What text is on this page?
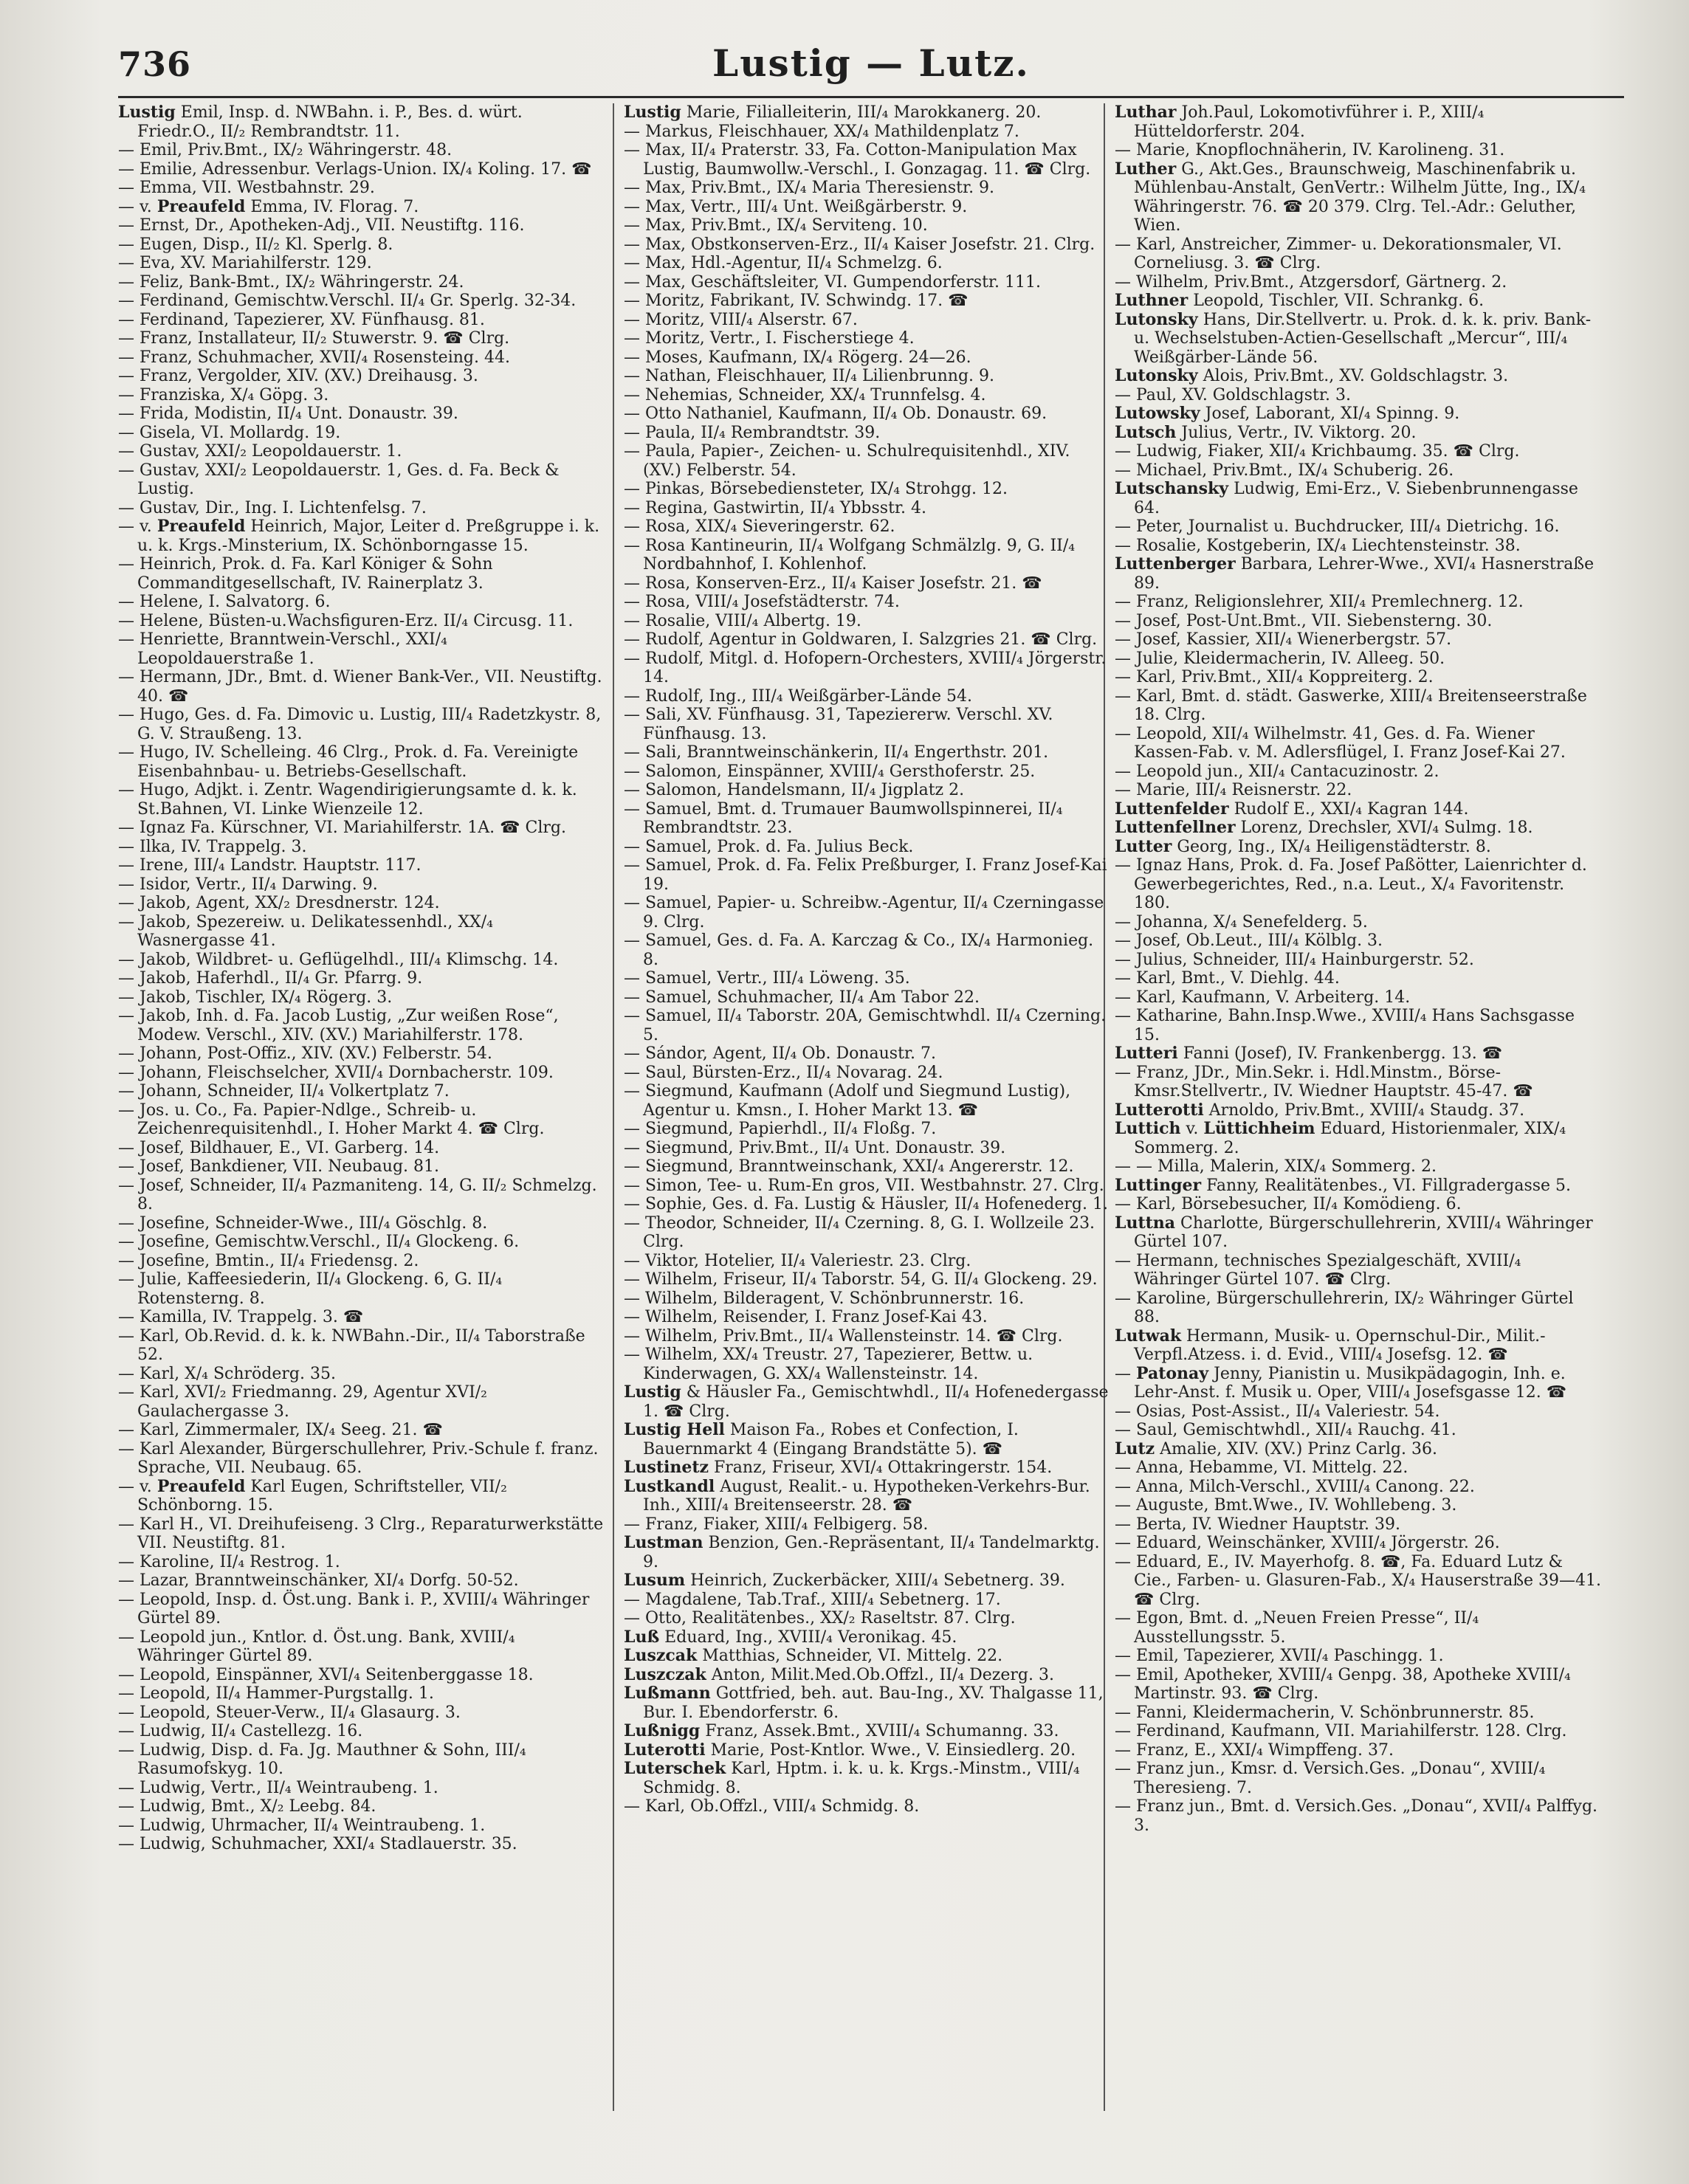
736	Lustig — Lutz.

Lustig Emil, Insp. d. NWBahn. i. P., Bes. d. würt. Friedr.O., II/₂ Rembrandtstr. 11.

— Emil, Priv.Bmt., IX/₂ Währingerstr. 48.

— Emilie, Adressenbur. Verlags-Union. IX/₄ Koling. 17. ☎

— Emma, VII. Westbahnstr. 29.

— v. Preaufeld Emma, IV. Florag. 7.

— Ernst, Dr., Apotheken-Adj., VII. Neustiftg. 116.

— Eugen, Disp., II/₂ Kl. Sperlg. 8.

— Eva, XV. Mariahilferstr. 129.

— Feliz, Bank-Bmt., IX/₂ Währingerstr. 24.

— Ferdinand, Gemischtw.Verschl. II/₄ Gr. Sperlg. 32-34.

— Ferdinand, Tapezierer, XV. Fünfhausg. 81.

— Franz, Installateur, II/₂ Stuwerstr. 9. ☎ Clrg.

— Franz, Schuhmacher, XVII/₄ Rosensteing. 44.

— Franz, Vergolder, XIV. (XV.) Dreihausg. 3.

— Franziska, X/₄ Göpg. 3.

— Frida, Modistin, II/₄ Unt. Donaustr. 39.

— Gisela, VI. Mollardg. 19.

— Gustav, XXI/₂ Leopoldauerstr. 1.

— Gustav, XXI/₂ Leopoldauerstr. 1, Ges. d. Fa. Beck & Lustig.

— Gustav, Dir., Ing. I. Lichtenfelsg. 7.

— v. Preaufeld Heinrich, Major, Leiter d. Preßgruppe i. k. u. k. Krgs.-Minsterium, IX. Schönborngasse 15.

— Heinrich, Prok. d. Fa. Karl Königer & Sohn Commanditgesellschaft, IV. Rainerplatz 3.

— Helene, I. Salvatorg. 6.

— Helene, Büsten-u.Wachsfiguren-Erz. II/₄ Circusg. 11.

— Henriette, Branntwein-Verschl., XXI/₄ Leopoldauerstraße 1.

— Hermann, JDr., Bmt. d. Wiener Bank-Ver., VII. Neustiftg. 40. ☎

— Hugo, Ges. d. Fa. Dimovic u. Lustig, III/₄ Radetzkystr. 8, G. V. Straußeng. 13.

— Hugo, IV. Schelleing. 46 Clrg., Prok. d. Fa. Vereinigte Eisenbahnbau- u. Betriebs-Gesellschaft.

— Hugo, Adjkt. i. Zentr. Wagendirigierungsamte d. k. k. St.Bahnen, VI. Linke Wienzeile 12.

— Ignaz Fa. Kürschner, VI. Mariahilferstr. 1A. ☎ Clrg.

— Ilka, IV. Trappelg. 3.

— Irene, III/₄ Landstr. Hauptstr. 117.

— Isidor, Vertr., II/₄ Darwing. 9.

— Jakob, Agent, XX/₂ Dresdnerstr. 124.

— Jakob, Spezereiw. u. Delikatessenhdl., XX/₄ Wasnergasse 41.

— Jakob, Wildbret- u. Geflügelhdl., III/₄ Klimschg. 14.

— Jakob, Haferhdl., II/₄ Gr. Pfarrg. 9.

— Jakob, Tischler, IX/₄ Rögerg. 3.

— Jakob, Inh. d. Fa. Jacob Lustig, „Zur weißen Rose“, Modew. Verschl., XIV. (XV.) Mariahilferstr. 178.

— Johann, Post-Offiz., XIV. (XV.) Felberstr. 54.

— Johann, Fleischselcher, XVII/₄ Dornbacherstr. 109.

— Johann, Schneider, II/₄ Volkertplatz 7.

— Jos. u. Co., Fa. Papier-Ndlge., Schreib- u. Zeichenrequisitenhdl., I. Hoher Markt 4. ☎ Clrg.

— Josef, Bildhauer, E., VI. Garberg. 14.

— Josef, Bankdiener, VII. Neubaug. 81.

— Josef, Schneider, II/₄ Pazmaniteng. 14, G. II/₂ Schmelzg. 8.

— Josefine, Schneider-Wwe., III/₄ Göschlg. 8.

— Josefine, Gemischtw.Verschl., II/₄ Glockeng. 6.

— Josefine, Bmtin., II/₄ Friedensg. 2.

— Julie, Kaffeesiederin, II/₄ Glockeng. 6, G. II/₄ Rotensterng. 8.

— Kamilla, IV. Trappelg. 3. ☎

— Karl, Ob.Revid. d. k. k. NWBahn.-Dir., II/₄ Taborstraße 52.

— Karl, X/₄ Schröderg. 35.

— Karl, XVI/₂ Friedmanng. 29, Agentur XVI/₂ Gaulachergasse 3.

— Karl, Zimmermaler, IX/₄ Seeg. 21. ☎

— Karl Alexander, Bürgerschullehrer, Priv.-Schule f. franz. Sprache, VII. Neubaug. 65.

— v. Preaufeld Karl Eugen, Schriftsteller, VII/₂ Schönborng. 15.

— Karl H., VI. Dreihufeiseng. 3 Clrg., Reparaturwerkstätte VII. Neustiftg. 81.

— Karoline, II/₄ Restrog. 1.

— Lazar, Branntweinschänker, XI/₄ Dorfg. 50-52.

— Leopold, Insp. d. Öst.ung. Bank i. P., XVIII/₄ Währinger Gürtel 89.

— Leopold jun., Kntlor. d. Öst.ung. Bank, XVIII/₄ Währinger Gürtel 89.

— Leopold, Einspänner, XVI/₄ Seitenberggasse 18.

— Leopold, II/₄ Hammer-Purgstallg. 1.

— Leopold, Steuer-Verw., II/₄ Glasaurg. 3.

— Ludwig, II/₄ Castellezg. 16.

— Ludwig, Disp. d. Fa. Jg. Mauthner & Sohn, III/₄ Rasumofskyg. 10.

— Ludwig, Vertr., II/₄ Weintraubeng. 1.

— Ludwig, Bmt., X/₂ Leebg. 84.

— Ludwig, Uhrmacher, II/₄ Weintraubeng. 1.

— Ludwig, Schuhmacher, XXI/₄ Stadlauerstr. 35.

Lustig Marie, Filialleiterin, III/₄ Marokkanerg. 20.

— Markus, Fleischhauer, XX/₄ Mathildenplatz 7.

— Max, II/₄ Praterstr. 33, Fa. Cotton-Manipulation Max Lustig, Baumwollw.-Verschl., I. Gonzagag. 11. ☎ Clrg.

— Max, Priv.Bmt., IX/₄ Maria Theresienstr. 9.

— Max, Vertr., III/₄ Unt. Weißgärberstr. 9.

— Max, Priv.Bmt., IX/₄ Serviteng. 10.

— Max, Obstkonserven-Erz., II/₄ Kaiser Josefstr. 21. Clrg.

— Max, Hdl.-Agentur, II/₄ Schmelzg. 6.

— Max, Geschäftsleiter, VI. Gumpendorferstr. 111.

— Moritz, Fabrikant, IV. Schwindg. 17. ☎

— Moritz, VIII/₄ Alserstr. 67.

— Moritz, Vertr., I. Fischerstiege 4.

— Moses, Kaufmann, IX/₄ Rögerg. 24—26.

— Nathan, Fleischhauer, II/₄ Lilienbrunng. 9.

— Nehemias, Schneider, XX/₄ Trunnfelsg. 4.

— Otto Nathaniel, Kaufmann, II/₄ Ob. Donaustr. 69.

— Paula, II/₄ Rembrandtstr. 39.

— Paula, Papier-, Zeichen- u. Schulrequisitenhdl., XIV. (XV.) Felberstr. 54.

— Pinkas, Börsebediensteter, IX/₄ Strohgg. 12.

— Regina, Gastwirtin, II/₄ Ybbsstr. 4.

— Rosa, XIX/₄ Sieveringerstr. 62.

— Rosa Kantineurin, II/₄ Wolfgang Schmälzlg. 9, G. II/₄ Nordbahnhof, I. Kohlenhof.

— Rosa, Konserven-Erz., II/₄ Kaiser Josefstr. 21. ☎

— Rosa, VIII/₄ Josefstädterstr. 74.

— Rosalie, VIII/₄ Albertg. 19.

— Rudolf, Agentur in Goldwaren, I. Salzgries 21. ☎ Clrg.

— Rudolf, Mitgl. d. Hofopern-Orchesters, XVIII/₄ Jörgerstr. 14.

— Rudolf, Ing., III/₄ Weißgärber-Lände 54.

— Sali, XV. Fünfhausg. 31, Tapeziererw. Verschl. XV. Fünfhausg. 13.

— Sali, Branntweinschänkerin, II/₄ Engerthstr. 201.

— Salomon, Einspänner, XVIII/₄ Gersthoferstr. 25.

— Salomon, Handelsmann, II/₄ Jigplatz 2.

— Samuel, Bmt. d. Trumauer Baumwollspinnerei, II/₄ Rembrandtstr. 23.

— Samuel, Prok. d. Fa. Julius Beck.

— Samuel, Prok. d. Fa. Felix Preßburger, I. Franz Josef-Kai 19.

— Samuel, Papier- u. Schreibw.-Agentur, II/₄ Czerningasse 9. Clrg.

— Samuel, Ges. d. Fa. A. Karczag & Co., IX/₄ Harmonieg. 8.

— Samuel, Vertr., III/₄ Löweng. 35.

— Samuel, Schuhmacher, II/₄ Am Tabor 22.

— Samuel, II/₄ Taborstr. 20A, Gemischtwhdl. II/₄ Czerning. 5.

— Sándor, Agent, II/₄ Ob. Donaustr. 7.

— Saul, Bürsten-Erz., II/₄ Novarag. 24.

— Siegmund, Kaufmann (Adolf und Siegmund Lustig), Agentur u. Kmsn., I. Hoher Markt 13. ☎

— Siegmund, Papierhdl., II/₄ Floßg. 7.

— Siegmund, Priv.Bmt., II/₄ Unt. Donaustr. 39.

— Siegmund, Branntweinschank, XXI/₄ Angererstr. 12.

— Simon, Tee- u. Rum-En gros, VII. Westbahnstr. 27. Clrg.

— Sophie, Ges. d. Fa. Lustig & Häusler, II/₄ Hofenederg. 1.

— Theodor, Schneider, II/₄ Czerning. 8, G. I. Wollzeile 23. Clrg.

— Viktor, Hotelier, II/₄ Valeriestr. 23. Clrg.

— Wilhelm, Friseur, II/₄ Taborstr. 54, G. II/₄ Glockeng. 29.

— Wilhelm, Bilderagent, V. Schönbrunnerstr. 16.

— Wilhelm, Reisender, I. Franz Josef-Kai 43.

— Wilhelm, Priv.Bmt., II/₄ Wallensteinstr. 14. ☎ Clrg.

— Wilhelm, XX/₄ Treustr. 27, Tapezierer, Bettw. u. Kinderwagen, G. XX/₄ Wallensteinstr. 14.

Lustig & Häusler Fa., Gemischtwhdl., II/₄ Hofenedergasse 1. ☎ Clrg.

Lustig Hell Maison Fa., Robes et Confection, I. Bauernmarkt 4 (Eingang Brandstätte 5). ☎

Lustinetz Franz, Friseur, XVI/₄ Ottakringerstr. 154.

Lustkandl August, Realit.- u. Hypotheken-Verkehrs-Bur. Inh., XIII/₄ Breitenseerstr. 28. ☎

— Franz, Fiaker, XIII/₄ Felbigerg. 58.

Lustman Benzion, Gen.-Repräsentant, II/₄ Tandelmarktg. 9.

Lusum Heinrich, Zuckerbäcker, XIII/₄ Sebetnerg. 39.

— Magdalene, Tab.Traf., XIII/₄ Sebetnerg. 17.

— Otto, Realitätenbes., XX/₂ Raseltstr. 87. Clrg.

Luß Eduard, Ing., XVIII/₄ Veronikag. 45.

Luszcak Matthias, Schneider, VI. Mittelg. 22.

Luszczak Anton, Milit.Med.Ob.Offzl., II/₄ Dezerg. 3.

Lußmann Gottfried, beh. aut. Bau-Ing., XV. Thalgasse 11, Bur. I. Ebendorferstr. 6.

Lußnigg Franz, Assek.Bmt., XVIII/₄ Schumanng. 33.

Luterotti Marie, Post-Kntlor. Wwe., V. Einsiedlerg. 20.

Luterschek Karl, Hptm. i. k. u. k. Krgs.-Minstm., VIII/₄ Schmidg. 8.

— Karl, Ob.Offzl., VIII/₄ Schmidg. 8.

Luthar Joh.Paul, Lokomotivführer i. P., XIII/₄ Hütteldorferstr. 204.

— Marie, Knopflochnäherin, IV. Karolineng. 31.

Luther G., Akt.Ges., Braunschweig, Maschinenfabrik u. Mühlenbau-Anstalt, GenVertr.: Wilhelm Jütte, Ing., IX/₄ Währingerstr. 76. ☎ 20 379. Clrg. Tel.-Adr.: Geluther, Wien.

— Karl, Anstreicher, Zimmer- u. Dekorationsmaler, VI. Corneliusg. 3. ☎ Clrg.

— Wilhelm, Priv.Bmt., Atzgersdorf, Gärtnerg. 2.

Luthner Leopold, Tischler, VII. Schrankg. 6.

Lutonsky Hans, Dir.Stellvertr. u. Prok. d. k. k. priv. Bank- u. Wechselstuben-Actien-Gesellschaft „Mercur“, III/₄ Weißgärber-Lände 56.

Lutonsky Alois, Priv.Bmt., XV. Goldschlagstr. 3.

— Paul, XV. Goldschlagstr. 3.

Lutowsky Josef, Laborant, XI/₄ Spinng. 9.

Lutsch Julius, Vertr., IV. Viktorg. 20.

— Ludwig, Fiaker, XII/₄ Krichbaumg. 35. ☎ Clrg.

— Michael, Priv.Bmt., IX/₄ Schuberig. 26.

Lutschansky Ludwig, Emi-Erz., V. Siebenbrunnengasse 64.

— Peter, Journalist u. Buchdrucker, III/₄ Dietrichg. 16.

— Rosalie, Kostgeberin, IX/₄ Liechtensteinstr. 38.

Luttenberger Barbara, Lehrer-Wwe., XVI/₄ Hasnerstraße 89.

— Franz, Religionslehrer, XII/₄ Premlechnerg. 12.

— Josef, Post-Unt.Bmt., VII. Siebensterng. 30.

— Josef, Kassier, XII/₄ Wienerbergstr. 57.

— Julie, Kleidermacherin, IV. Alleeg. 50.

— Karl, Priv.Bmt., XII/₄ Koppreiterg. 2.

— Karl, Bmt. d. städt. Gaswerke, XIII/₄ Breitenseerstraße 18. Clrg.

— Leopold, XII/₄ Wilhelmstr. 41, Ges. d. Fa. Wiener Kassen-Fab. v. M. Adlersflügel, I. Franz Josef-Kai 27.

— Leopold jun., XII/₄ Cantacuzinostr. 2.

— Marie, III/₄ Reisnerstr. 22.

Luttenfelder Rudolf E., XXI/₄ Kagran 144.

Luttenfellner Lorenz, Drechsler, XVI/₄ Sulmg. 18.

Lutter Georg, Ing., IX/₄ Heiligenstädterstr. 8.

— Ignaz Hans, Prok. d. Fa. Josef Paßötter, Laienrichter d. Gewerbegerichtes, Red., n.a. Leut., X/₄ Favoritenstr. 180.

— Johanna, X/₄ Senefelderg. 5.

— Josef, Ob.Leut., III/₄ Kölblg. 3.

— Julius, Schneider, III/₄ Hainburgerstr. 52.

— Karl, Bmt., V. Diehlg. 44.

— Karl, Kaufmann, V. Arbeiterg. 14.

— Katharine, Bahn.Insp.Wwe., XVIII/₄ Hans Sachsgasse 15.

Lutteri Fanni (Josef), IV. Frankenbergg. 13. ☎

— Franz, JDr., Min.Sekr. i. Hdl.Minstm., Börse-Kmsr.Stellvertr., IV. Wiedner Hauptstr. 45-47. ☎

Lutterotti Arnoldo, Priv.Bmt., XVIII/₄ Staudg. 37.

Luttich v. Lüttichheim Eduard, Historienmaler, XIX/₄ Sommerg. 2.

— — Milla, Malerin, XIX/₄ Sommerg. 2.

Luttinger Fanny, Realitätenbes., VI. Fillgradergasse 5.

— Karl, Börsebesucher, II/₄ Komödieng. 6.

Luttna Charlotte, Bürgerschullehrerin, XVIII/₄ Währinger Gürtel 107.

— Hermann, technisches Spezialgeschäft, XVIII/₄ Währinger Gürtel 107. ☎ Clrg.

— Karoline, Bürgerschullehrerin, IX/₂ Währinger Gürtel 88.

Lutwak Hermann, Musik- u. Opernschul-Dir., Milit.-Verpfl.Atzess. i. d. Evid., VIII/₄ Josefsg. 12. ☎

— Patonay Jenny, Pianistin u. Musikpädagogin, Inh. e. Lehr-Anst. f. Musik u. Oper, VIII/₄ Josefsgasse 12. ☎

— Osias, Post-Assist., II/₄ Valeriestr. 54.

— Saul, Gemischtwhdl., XII/₄ Rauchg. 41.

Lutz Amalie, XIV. (XV.) Prinz Carlg. 36.

— Anna, Hebamme, VI. Mittelg. 22.

— Anna, Milch-Verschl., XVIII/₄ Canong. 22.

— Auguste, Bmt.Wwe., IV. Wohllebeng. 3.

— Berta, IV. Wiedner Hauptstr. 39.

— Eduard, Weinschänker, XVIII/₄ Jörgerstr. 26.

— Eduard, E., IV. Mayerhofg. 8. ☎, Fa. Eduard Lutz & Cie., Farben- u. Glasuren-Fab., X/₄ Hauserstraße 39—41. ☎ Clrg.

— Egon, Bmt. d. „Neuen Freien Presse“, II/₄ Ausstellungsstr. 5.

— Emil, Tapezierer, XVII/₄ Paschingg. 1.

— Emil, Apotheker, XVIII/₄ Genpg. 38, Apotheke XVIII/₄ Martinstr. 93. ☎ Clrg.

— Fanni, Kleidermacherin, V. Schönbrunnerstr. 85.

— Ferdinand, Kaufmann, VII. Mariahilferstr. 128. Clrg.

— Franz, E., XXI/₄ Wimpffeng. 37.

— Franz jun., Kmsr. d. Versich.Ges. „Donau“, XVIII/₄ Theresieng. 7.

— Franz jun., Bmt. d. Versich.Ges. „Donau“, XVII/₄ Palffyg. 3.
